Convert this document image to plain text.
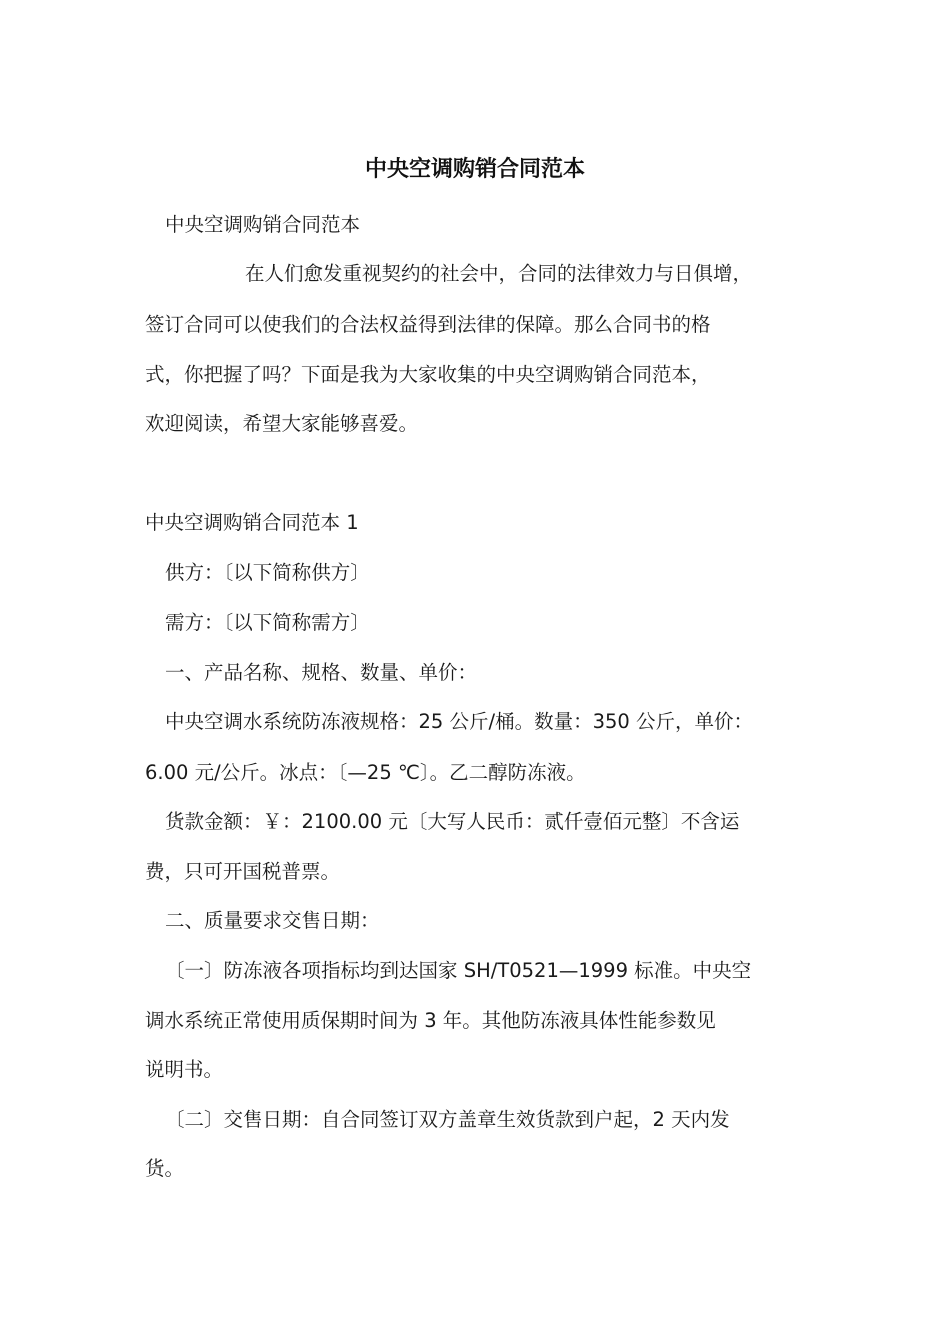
中央空调购销合同范本
中央空调购销合同范本
在人们愈发重视契约的社会中，合同的法律效力与日俱增，
签订合同可以使我们的合法权益得到法律的保障。那么合同书的格
式，你把握了吗？下面是我为大家收集的中央空调购销合同范本，
欢迎阅读，希望大家能够喜爱。
中央空调购销合同范本 1
供方：〔以下简称供方〕
需方：〔以下简称需方〕
一、产品名称、规格、数量、单价：
中央空调水系统防冻液规格：25 公斤/桶。数量：350 公斤，单价：
6.00 元/公斤。冰点：〔—25 ℃〕。乙二醇防冻液。
货款金额：￥：2100.00 元〔大写人民币：贰仟壹佰元整〕不含运
费，只可开国税普票。
二、质量要求交售日期：
〔一〕防冻液各项指标均到达国家 SH/T0521—1999 标准。中央空
调水系统正常使用质保期时间为 3 年。其他防冻液具体性能参数见
说明书。
〔二〕交售日期：自合同签订双方盖章生效货款到户起，2 天内发
货。
